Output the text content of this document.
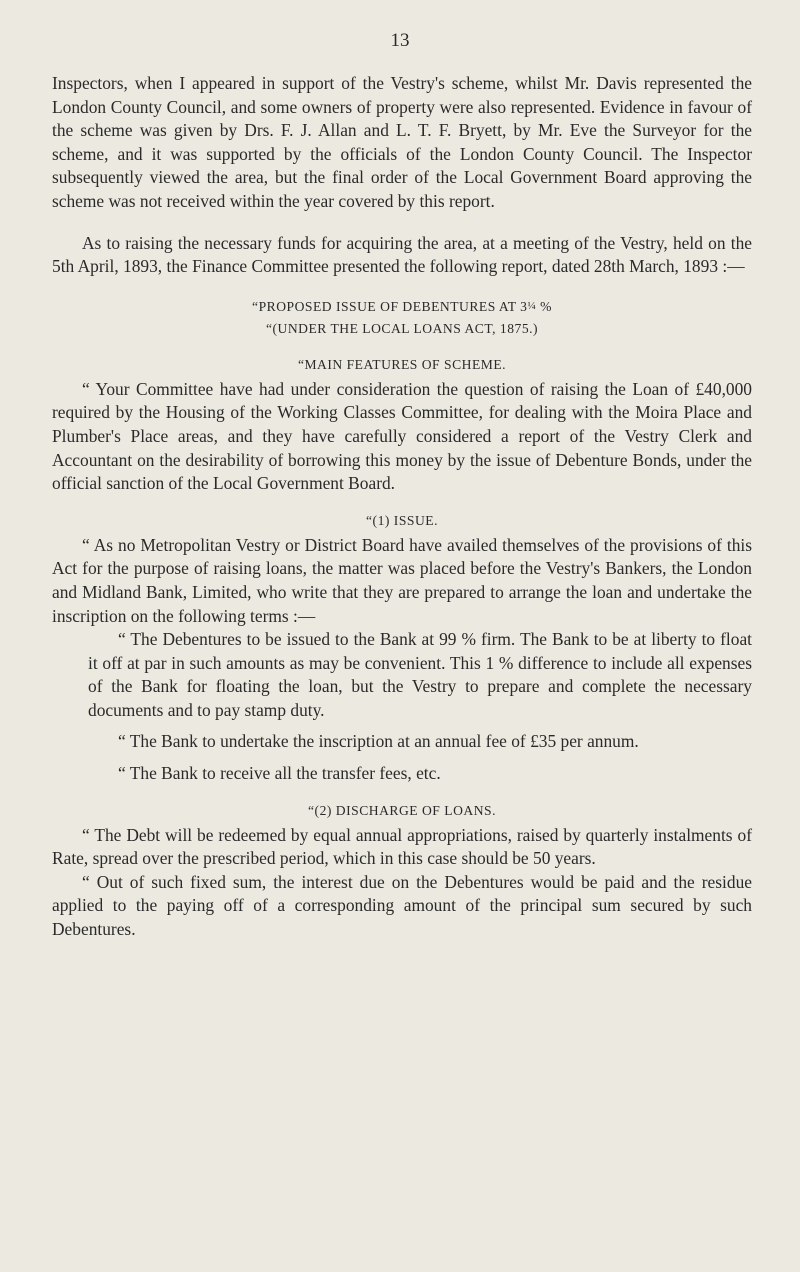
13

Inspectors, when I appeared in support of the Vestry's scheme, whilst Mr. Davis represented the London County Council, and some owners of property were also represented. Evidence in favour of the scheme was given by Drs. F. J. Allan and L. T. F. Bryett, by Mr. Eve the Surveyor for the scheme, and it was supported by the officials of the London County Council. The Inspector subsequently viewed the area, but the final order of the Local Government Board approving the scheme was not received within the year covered by this report.

As to raising the necessary funds for acquiring the area, at a meeting of the Vestry, held on the 5th April, 1893, the Finance Committee presented the following report, dated 28th March, 1893 :—

“PROPOSED ISSUE OF DEBENTURES AT 3¼ %
“(UNDER THE LOCAL LOANS ACT, 1875.)
“MAIN FEATURES OF SCHEME.

“ Your Committee have had under consideration the question of raising the Loan of £40,000 required by the Housing of the Working Classes Committee, for dealing with the Moira Place and Plumber's Place areas, and they have carefully considered a report of the Vestry Clerk and Accountant on the desirability of borrowing this money by the issue of Debenture Bonds, under the official sanction of the Local Government Board.

“(1) ISSUE.

“ As no Metropolitan Vestry or District Board have availed themselves of the provisions of this Act for the purpose of raising loans, the matter was placed before the Vestry's Bankers, the London and Midland Bank, Limited, who write that they are prepared to arrange the loan and undertake the inscription on the following terms :—

“ The Debentures to be issued to the Bank at 99 % firm. The Bank to be at liberty to float it off at par in such amounts as may be convenient. This 1 % difference to include all expenses of the Bank for floating the loan, but the Vestry to prepare and complete the necessary documents and to pay stamp duty.

“ The Bank to undertake the inscription at an annual fee of £35 per annum.

“ The Bank to receive all the transfer fees, etc.

“(2) DISCHARGE OF LOANS.

“ The Debt will be redeemed by equal annual appropriations, raised by quarterly instalments of Rate, spread over the prescribed period, which in this case should be 50 years.

“ Out of such fixed sum, the interest due on the Debentures would be paid and the residue applied to the paying off of a corresponding amount of the principal sum secured by such Debentures.
